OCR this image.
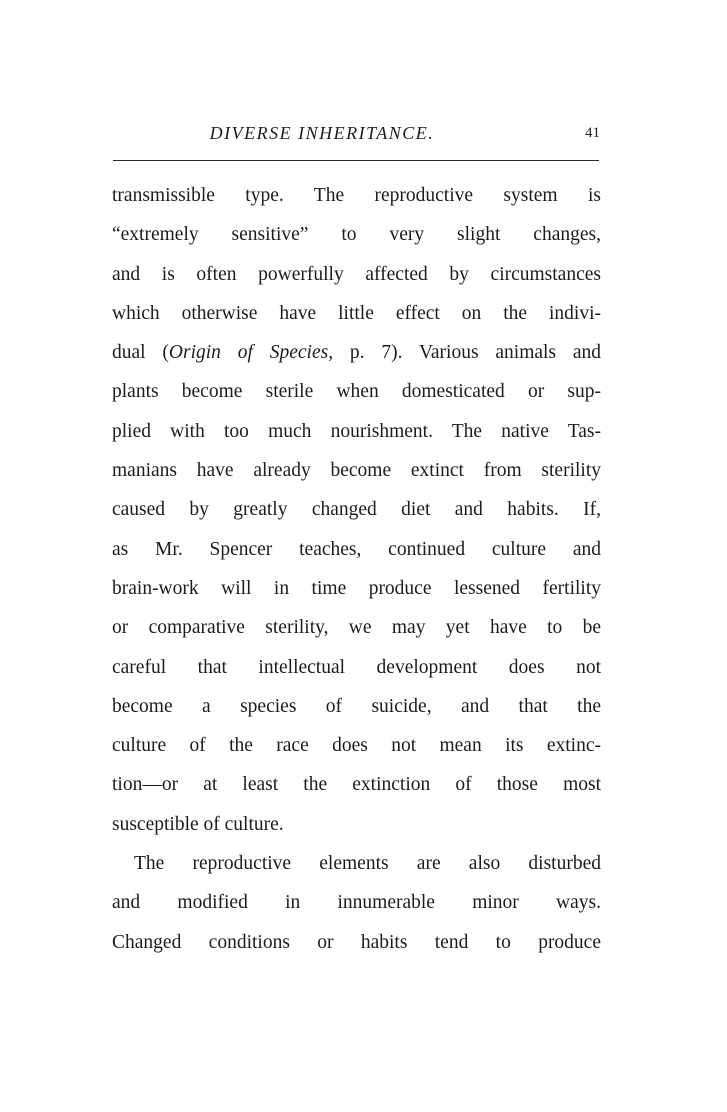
DIVERSE INHERITANCE.	41
transmissible type. The reproductive system is
“extremely sensitive” to very slight changes,
and is often powerfully affected by circumstances
which otherwise have little effect on the indivi-
dual (Origin of Species, p. 7). Various animals and
plants become sterile when domesticated or sup-
plied with too much nourishment. The native Tas-
manians have already become extinct from sterility
caused by greatly changed diet and habits. If,
as Mr. Spencer teaches, continued culture and
brain-work will in time produce lessened fertility
or comparative sterility, we may yet have to be
careful that intellectual development does not
become a species of suicide, and that the
culture of the race does not mean its extinc-
tion—or at least the extinction of those most
susceptible of culture.
The reproductive elements are also disturbed
and modified in innumerable minor ways.
Changed conditions or habits tend to produce
